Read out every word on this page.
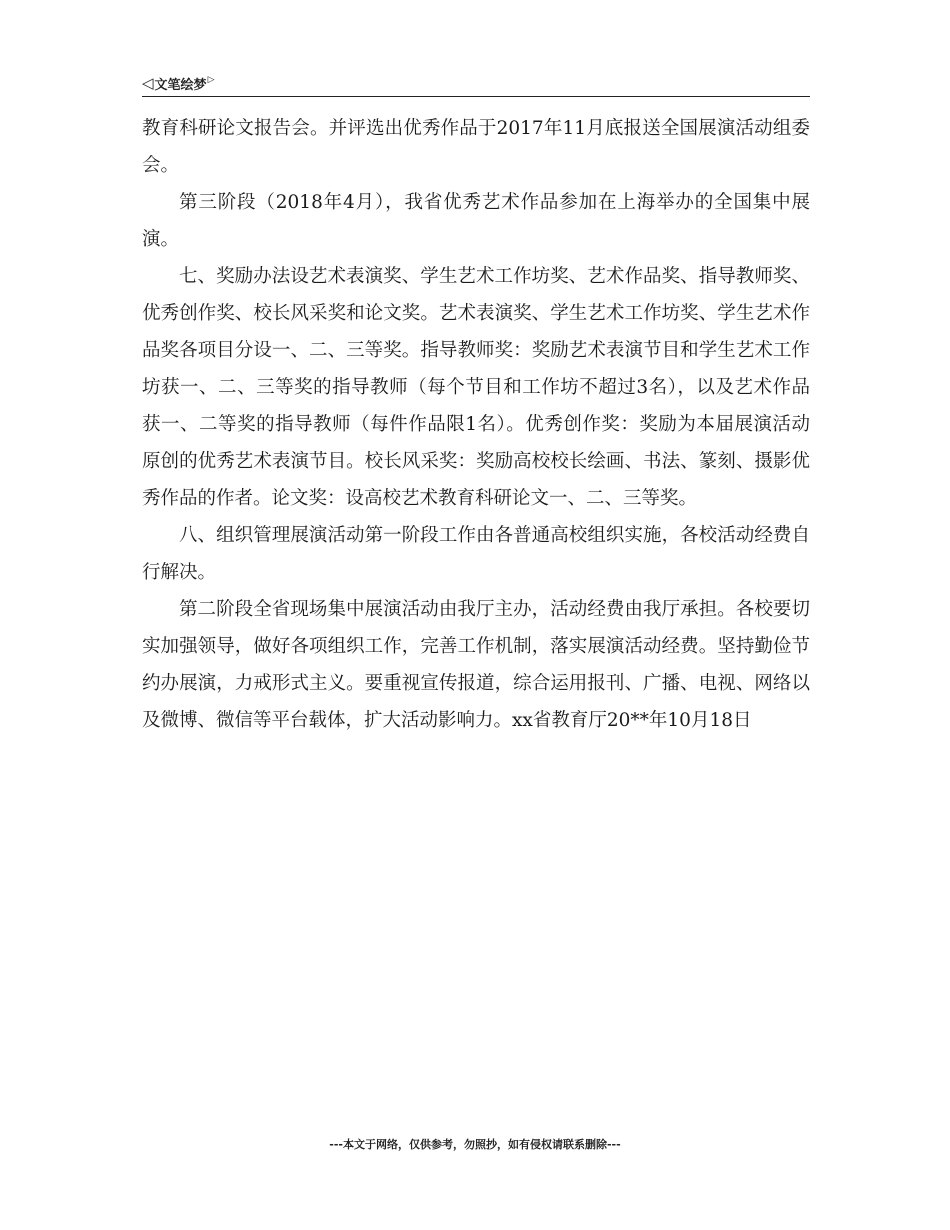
◁ 文笔绘梦 ▷

教育科研论文报告会。并评选出优秀作品于2017年11月底报送全国展演活动组委会。

第三阶段（2018年4月），我省优秀艺术作品参加在上海举办的全国集中展演。

七、奖励办法设艺术表演奖、学生艺术工作坊奖、艺术作品奖、指导教师奖、优秀创作奖、校长风采奖和论文奖。艺术表演奖、学生艺术工作坊奖、学生艺术作品奖各项目分设一、二、三等奖。指导教师奖：奖励艺术表演节目和学生艺术工作坊获一、二、三等奖的指导教师（每个节目和工作坊不超过3名），以及艺术作品获一、二等奖的指导教师（每件作品限1名）。优秀创作奖：奖励为本届展演活动原创的优秀艺术表演节目。校长风采奖：奖励高校校长绘画、书法、篆刻、摄影优秀作品的作者。论文奖：设高校艺术教育科研论文一、二、三等奖。

八、组织管理展演活动第一阶段工作由各普通高校组织实施，各校活动经费自行解决。

第二阶段全省现场集中展演活动由我厅主办，活动经费由我厅承担。各校要切实加强领导，做好各项组织工作，完善工作机制，落实展演活动经费。坚持勤俭节约办展演，力戒形式主义。要重视宣传报道，综合运用报刊、广播、电视、网络以及微博、微信等平台载体，扩大活动影响力。xx省教育厅20**年10月18日

---本文于网络，仅供参考，勿照抄，如有侵权请联系删除---
